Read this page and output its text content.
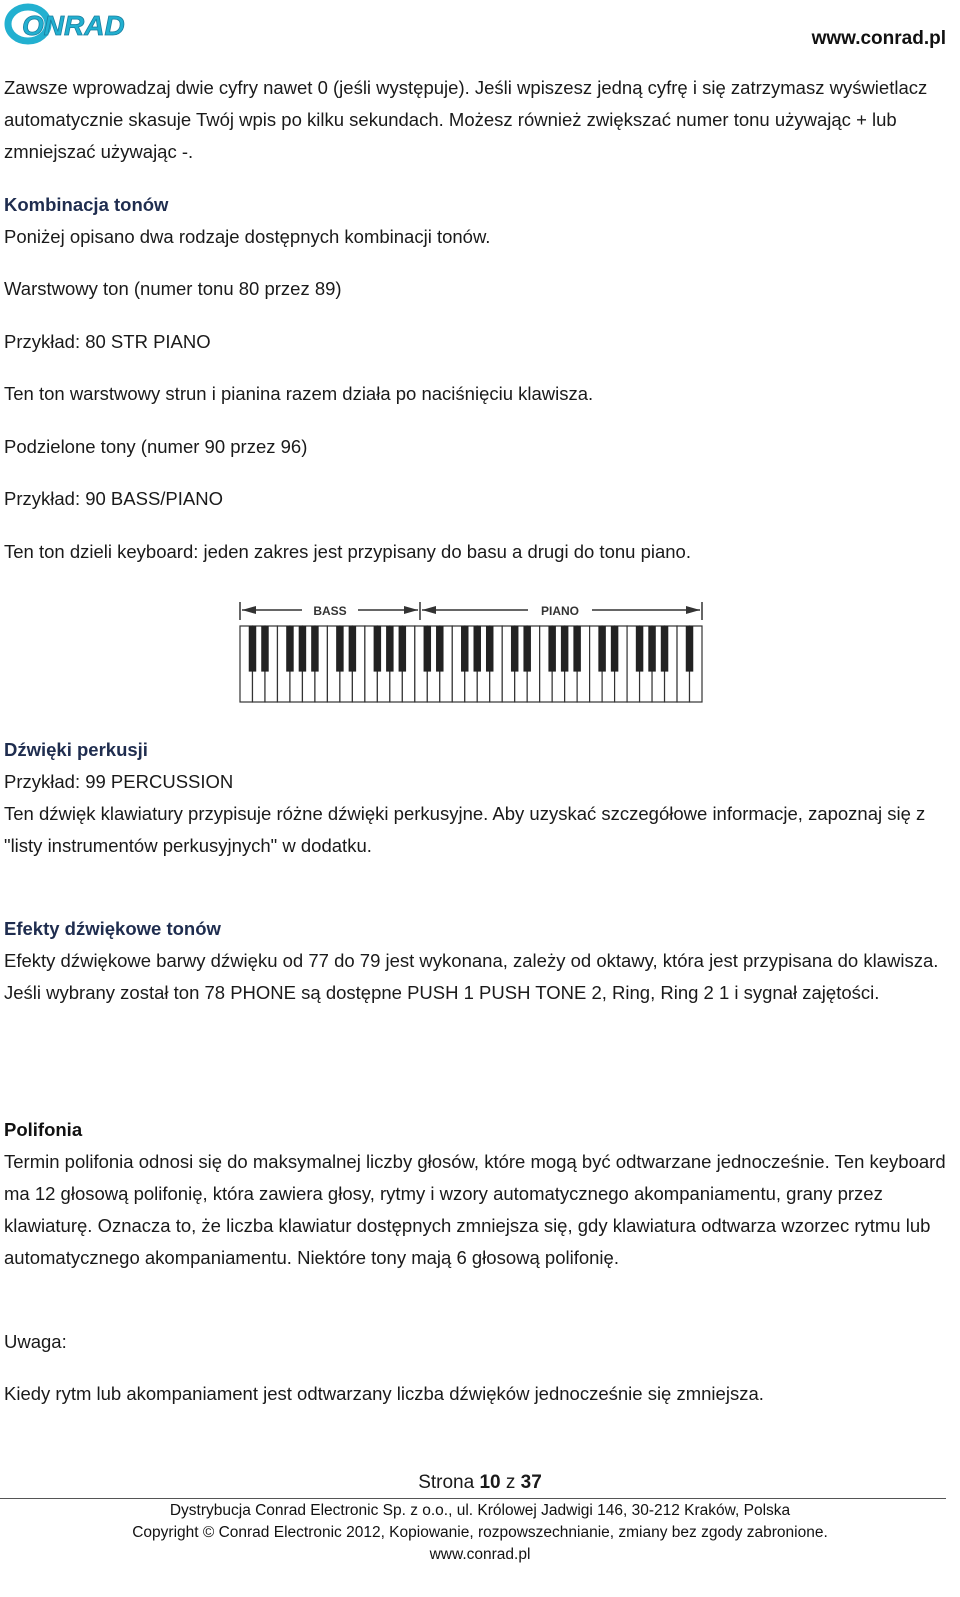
ONRAD	www.conrad.pl

Zawsze wprowadzaj dwie cyfry nawet 0 (jeśli występuje). Jeśli wpiszesz jedną cyfrę i się zatrzymasz wyświetlacz automatycznie skasuje Twój wpis po kilku sekundach. Możesz również zwiększać numer tonu używając + lub zmniejszać używając -.

Kombinacja tonów

Poniżej opisano dwa rodzaje dostępnych kombinacji tonów.

Warstwowy ton (numer tonu 80 przez 89)

Przykład: 80 STR PIANO

Ten ton warstwowy strun i pianina razem działa po naciśnięciu klawisza.

Podzielone tony (numer 90 przez 96)

Przykład: 90 BASS/PIANO

Ten ton dzieli keyboard: jeden zakres jest przypisany do basu a drugi do tonu piano.

BASS	PIANO

Dźwięki perkusji

Przykład: 99 PERCUSSION

Ten dźwięk klawiatury przypisuje różne dźwięki perkusyjne. Aby uzyskać szczegółowe informacje, zapoznaj się z "listy instrumentów perkusyjnych" w dodatku.

Efekty dźwiękowe tonów

Efekty dźwiękowe barwy dźwięku od 77 do 79 jest wykonana, zależy od oktawy, która jest przypisana do klawisza. Jeśli wybrany został ton 78 PHONE są dostępne PUSH 1 PUSH TONE 2, Ring, Ring 2 1 i sygnał zajętości.

Polifonia

Termin polifonia odnosi się do maksymalnej liczby głosów, które mogą być odtwarzane jednocześnie. Ten keyboard ma 12 głosową polifonię, która zawiera głosy, rytmy i wzory automatycznego akompaniamentu, grany przez klawiaturę. Oznacza to, że liczba klawiatur dostępnych zmniejsza się, gdy klawiatura odtwarza wzorzec rytmu lub automatycznego akompaniamentu. Niektóre tony mają 6 głosową polifonię.

Uwaga:

Kiedy rytm lub akompaniament jest odtwarzany liczba dźwięków jednocześnie się zmniejsza.

Strona 10 z 37
Dystrybucja Conrad Electronic Sp. z o.o., ul. Królowej Jadwigi 146, 30-212 Kraków, Polska
Copyright © Conrad Electronic 2012, Kopiowanie, rozpowszechnianie, zmiany bez zgody zabronione.
www.conrad.pl
